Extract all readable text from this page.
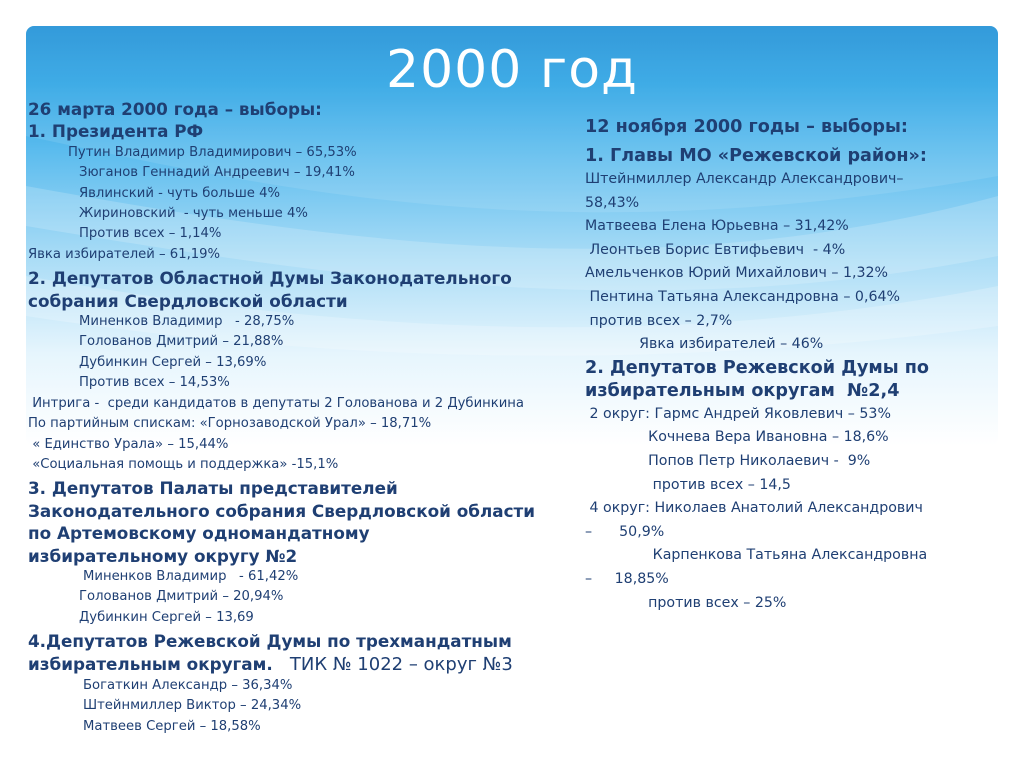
2000 год
26 марта 2000 года – выборы:
1. Президента РФ
Путин Владимир Владимирович – 65,53%
Зюганов Геннадий Андреевич – 19,41%
Явлинский - чуть больше 4%
Жириновский  - чуть меньше 4%
Против всех – 1,14%
Явка избирателей – 61,19%
2. Депутатов Областной Думы Законодательного
собрания Свердловской области
Миненков Владимир   - 28,75%
Голованов Дмитрий – 21,88%
Дубинкин Сергей – 13,69%
Против всех – 14,53%
Интрига -  среди кандидатов в депутаты 2 Голованова и 2 Дубинкина
По партийным спискам: «Горнозаводской Урал» – 18,71%
« Единство Урала» – 15,44%
«Социальная помощь и поддержка» -15,1%
3. Депутатов Палаты представителей
Законодательного собрания Свердловской области
по Артемовскому одномандатному
избирательному округу №2
Миненков Владимир   - 61,42%
Голованов Дмитрий – 20,94%
Дубинкин Сергей – 13,69
4.Депутатов Режевской Думы по трехмандатным
избирательным округам.   ТИК № 1022 – округ №3
Богаткин Александр – 36,34%
Штейнмиллер Виктор – 24,34%
Матвеев Сергей – 18,58%
12 ноября 2000 годы – выборы:
1. Главы МО «Режевской район»:
Штейнмиллер Александр Александрович–
58,43%
Матвеева Елена Юрьевна – 31,42%
Леонтьев Борис Евтифьевич  - 4%
Амельченков Юрий Михайлович – 1,32%
Пентина Татьяна Александровна – 0,64%
против всех – 2,7%
Явка избирателей – 46%
2. Депутатов Режевской Думы по
избирательным округам  №2,4
2 округ: Гармс Андрей Яковлевич – 53%
Кочнева Вера Ивановна – 18,6%
Попов Петр Николаевич -  9%
против всех – 14,5
4 округ: Николаев Анатолий Александрович
–      50,9%
Карпенкова Татьяна Александровна
–     18,85%
против всех – 25%
